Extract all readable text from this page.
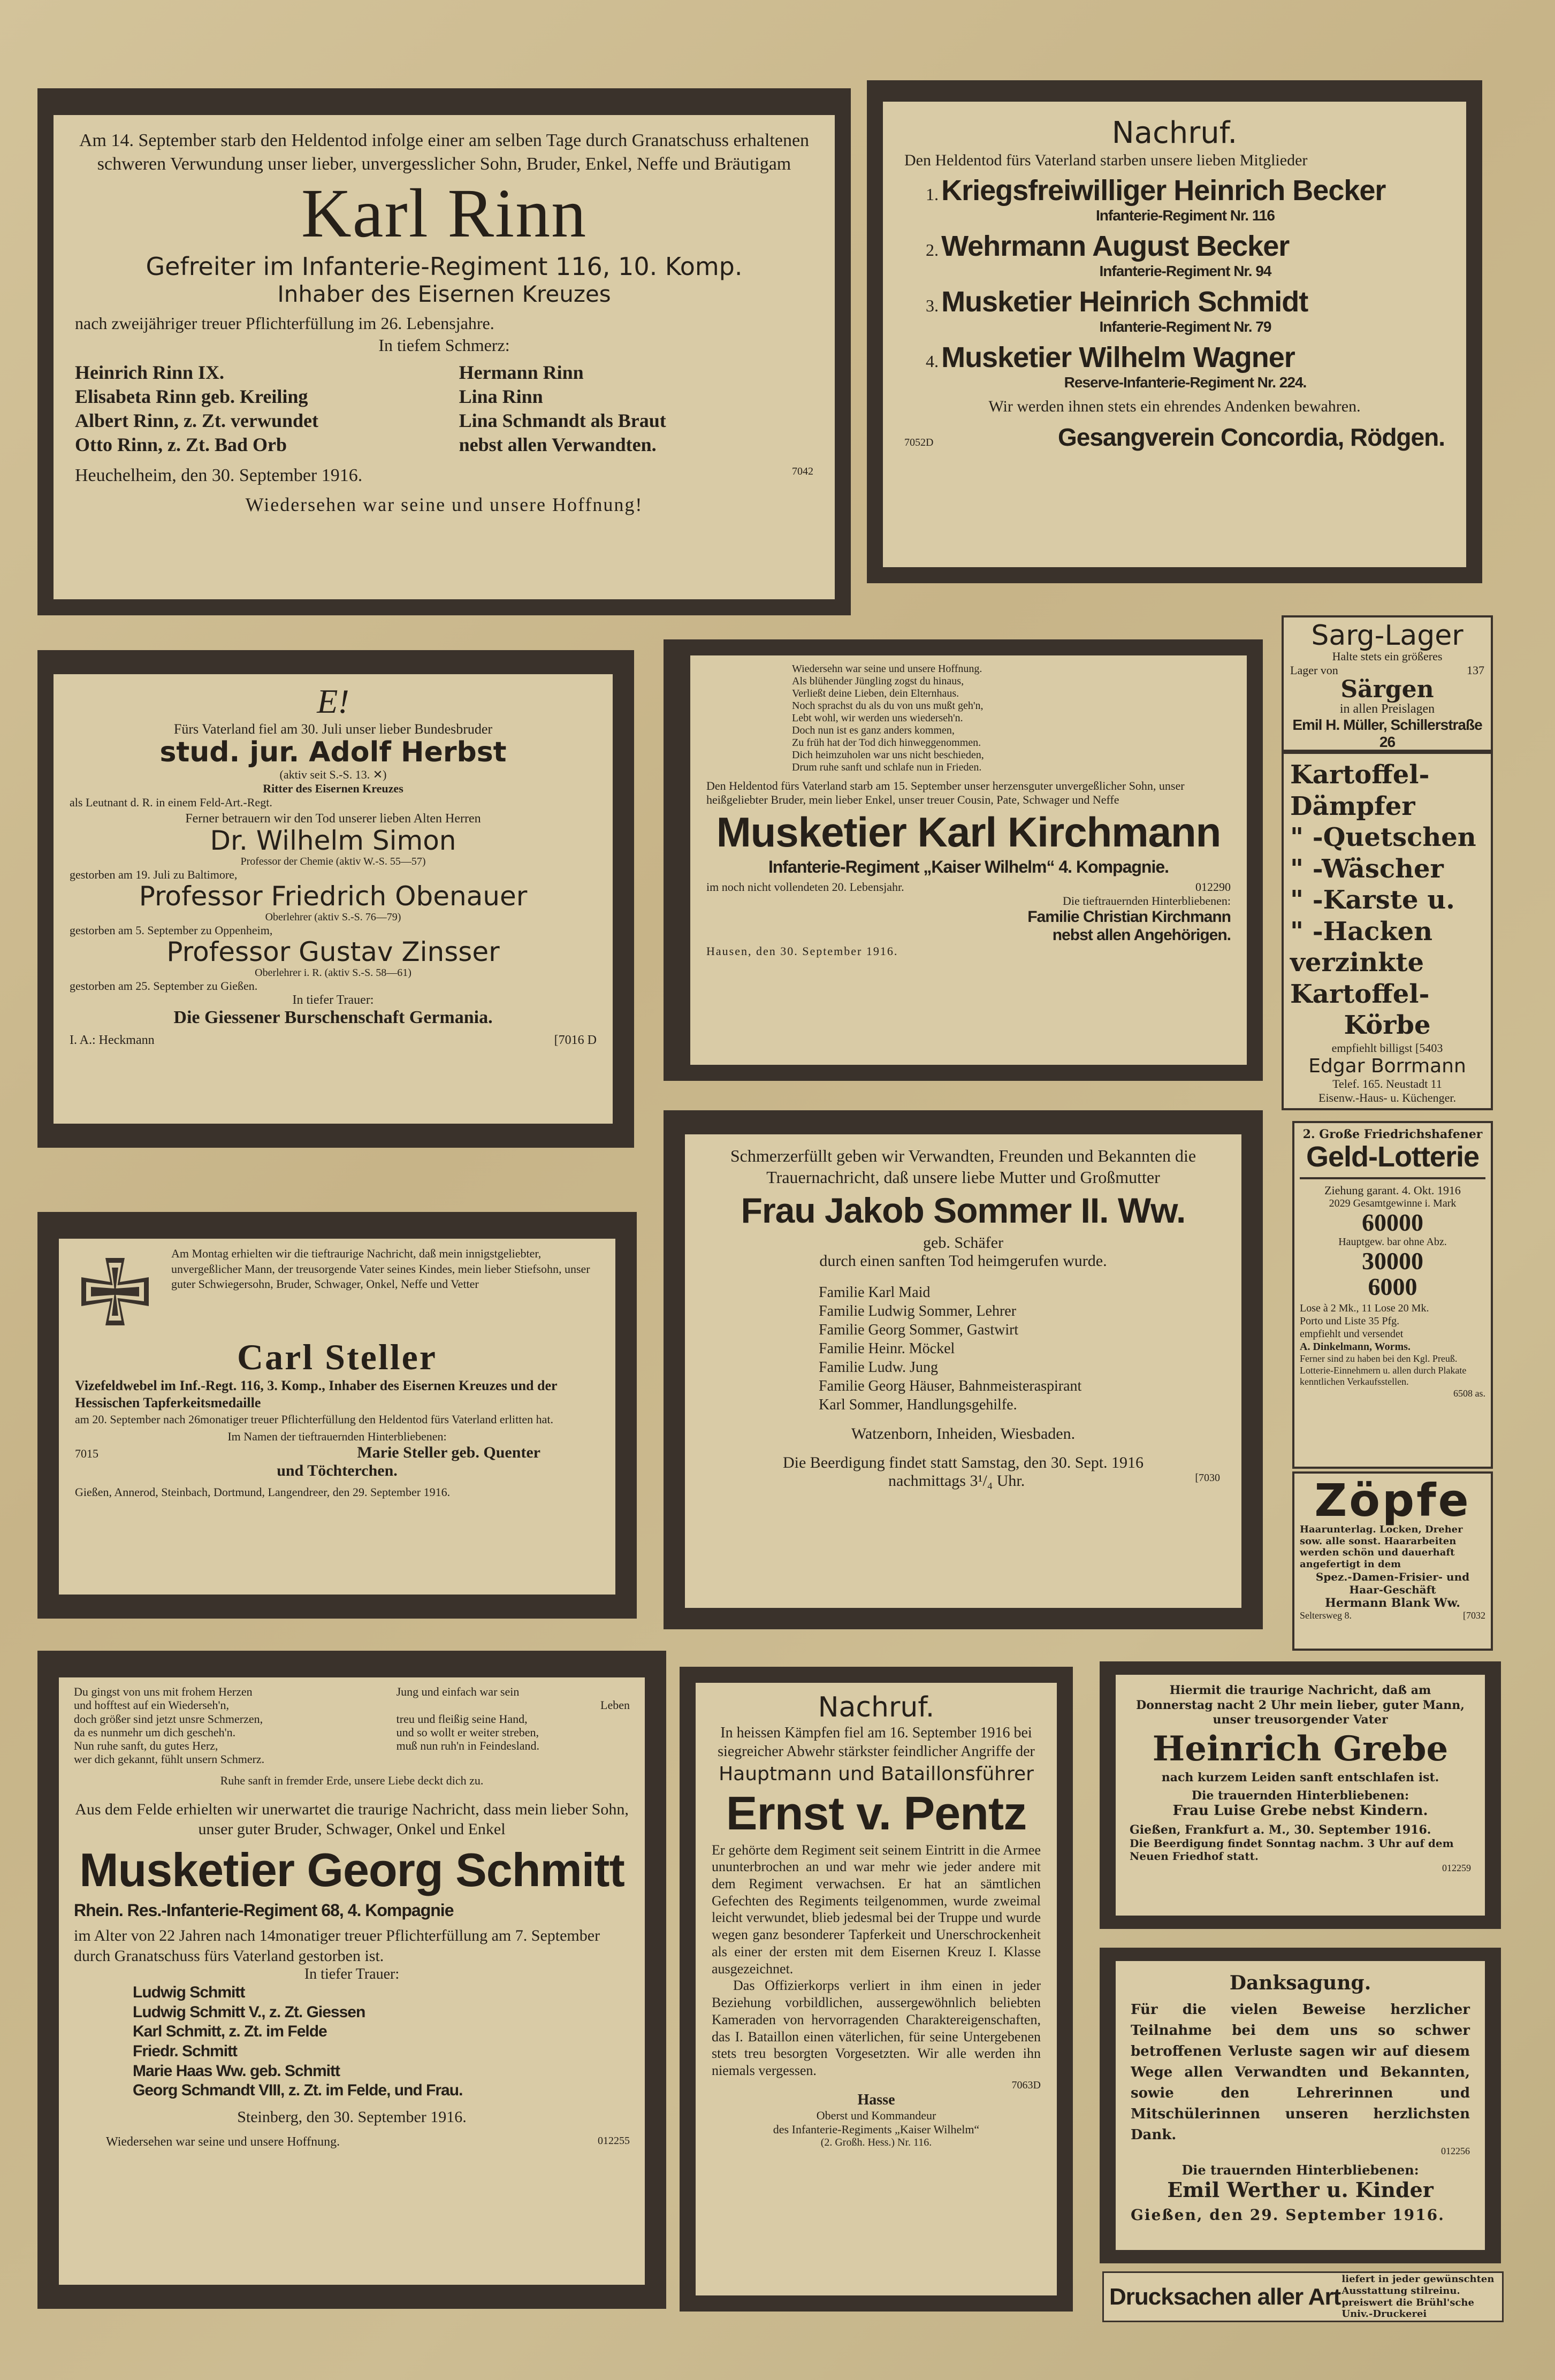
Am 14. September starb den Heldentod infolge einer am selben Tage durch Granatschuss erhaltenen schweren Verwundung unser lieber, unvergesslicher Sohn, Bruder, Enkel, Neffe und Bräutigam
Karl Rinn
Gefreiter im Infanterie-Regiment 116, 10. Komp.
Inhaber des Eisernen Kreuzes
nach zweijähriger treuer Pflichterfüllung im 26. Lebensjahre.
In tiefem Schmerz:
Heinrich Rinn IX.
Elisabeta Rinn geb. Kreiling
Albert Rinn, z. Zt. verwundet
Otto Rinn, z. Zt. Bad Orb
Hermann Rinn
Lina Rinn
Lina Schmandt als Braut
nebst allen Verwandten.
Heuchelheim, den 30. September 1916.	7042
Wiedersehen war seine und unsere Hoffnung!
Nachruf.
Den Heldentod fürs Vaterland starben unsere lieben Mitglieder
1. Kriegsfreiwilliger Heinrich Becker
Infanterie-Regiment Nr. 116
2. Wehrmann August Becker
Infanterie-Regiment Nr. 94
3. Musketier Heinrich Schmidt
Infanterie-Regiment Nr. 79
4. Musketier Wilhelm Wagner
Reserve-Infanterie-Regiment Nr. 224.
Wir werden ihnen stets ein ehrendes Andenken bewahren.
7052D	Gesangverein Concordia, Rödgen.
Sarg-Lager
Halte stets ein größeres
Lager von	137
Särgen
in allen Preislagen
Emil H. Müller, Schillerstraße 26
Kartoffel-Dämpfer
" -Quetschen
" -Wäscher
" -Karste u.
" -Hacken
verzinkte Kartoffel-
Körbe
empfiehlt billigst [5403
Edgar Borrmann
Telef. 165. Neustadt 11
Eisenw.-Haus- u. Küchenger.
E!
Fürs Vaterland fiel am 30. Juli unser lieber Bundesbruder
stud. jur. Adolf Herbst
(aktiv seit S.-S. 13. ✕)
Ritter des Eisernen Kreuzes
als Leutnant d. R. in einem Feld-Art.-Regt.
Ferner betrauern wir den Tod unserer lieben Alten Herren
Dr. Wilhelm Simon
Professor der Chemie (aktiv W.-S. 55—57)
gestorben am 19. Juli zu Baltimore,
Professor Friedrich Obenauer
Oberlehrer (aktiv S.-S. 76—79)
gestorben am 5. September zu Oppenheim,
Professor Gustav Zinsser
Oberlehrer i. R. (aktiv S.-S. 58—61)
gestorben am 25. September zu Gießen.
In tiefer Trauer:
Die Giessener Burschenschaft Germania.
I. A.: Heckmann	[7016 D
Wiedersehn war seine und unsere Hoffnung.
Als blühender Jüngling zogst du hinaus,
Verließt deine Lieben, dein Elternhaus.
Noch sprachst du als du von uns mußt geh'n,
Lebt wohl, wir werden uns wiederseh'n.
Doch nun ist es ganz anders kommen,
Zu früh hat der Tod dich hinweggenommen.
Dich heimzuholen war uns nicht beschieden,
Drum ruhe sanft und schlafe nun in Frieden.
Den Heldentod fürs Vaterland starb am 15. September unser herzensguter unvergeßlicher Sohn, unser heißgeliebter Bruder, mein lieber Enkel, unser treuer Cousin, Pate, Schwager und Neffe
Musketier Karl Kirchmann
Infanterie-Regiment „Kaiser Wilhelm“ 4. Kompagnie.
im noch nicht vollendeten 20. Lebensjahr.	012290
Die tieftrauernden Hinterbliebenen:
Familie Christian Kirchmann
nebst allen Angehörigen.
Hausen, den 30. September 1916.
Am Montag erhielten wir die tieftraurige Nachricht, daß mein innigstgeliebter, unvergeßlicher Mann, der treusorgende Vater seines Kindes, mein lieber Stiefsohn, unser guter Schwiegersohn, Bruder, Schwager, Onkel, Neffe und Vetter
Carl Steller
Vizefeldwebel im Inf.-Regt. 116, 3. Komp., Inhaber des Eisernen Kreuzes und der Hessischen Tapferkeitsmedaille
am 20. September nach 26monatiger treuer Pflichterfüllung den Heldentod fürs Vaterland erlitten hat.
Im Namen der tieftrauernden Hinterbliebenen:
7015	Marie Steller geb. Quenter
und Töchterchen.
Gießen, Annerod, Steinbach, Dortmund, Langendreer, den 29. September 1916.
Schmerzerfüllt geben wir Verwandten, Freunden und Bekannten die Trauernachricht, daß unsere liebe Mutter und Großmutter
Frau Jakob Sommer II. Ww.
geb. Schäfer
durch einen sanften Tod heimgerufen wurde.
Familie Karl Maid
Familie Ludwig Sommer, Lehrer
Familie Georg Sommer, Gastwirt
Familie Heinr. Möckel
Familie Ludw. Jung
Familie Georg Häuser, Bahnmeisteraspirant
Karl Sommer, Handlungsgehilfe.
Watzenborn, Inheiden, Wiesbaden.
Die Beerdigung findet statt Samstag, den 30. Sept. 1916
nachmittags 3¹/₄ Uhr.	[7030
2. Große Friedrichshafener
Geld-Lotterie
Ziehung garant. 4. Okt. 1916
2029 Gesamtgewinne i. Mark
60000
Hauptgew. bar ohne Abz.
30000
6000
Lose à 2 Mk., 11 Lose 20 Mk.
Porto und Liste 35 Pfg.
empfiehlt und versendet
A. Dinkelmann, Worms.
Ferner sind zu haben bei den Kgl. Preuß. Lotterie-Einnehmern u. allen durch Plakate kenntlichen Verkaufsstellen.
6508 as.
Zöpfe
Haarunterlag. Locken, Dreher sow. alle sonst. Haararbeiten werden schön und dauerhaft angefertigt in dem
Spez.-Damen-Frisier- und Haar-Geschäft
Hermann Blank Ww.
Seltersweg 8.	[7032
Du gingst von uns mit frohem Herzen
und hofftest auf ein Wiederseh'n,
doch größer sind jetzt unsre Schmerzen,
da es nunmehr um dich gescheh'n.
Nun ruhe sanft, du gutes Herz,
wer dich gekannt, fühlt unsern Schmerz.
Jung und einfach war sein
Leben
treu und fleißig seine Hand,
und so wollt er weiter streben,
muß nun ruh'n in Feindesland.
Ruhe sanft in fremder Erde, unsere Liebe deckt dich zu.
Aus dem Felde erhielten wir unerwartet die traurige Nachricht, dass mein lieber Sohn, unser guter Bruder, Schwager, Onkel und Enkel
Musketier Georg Schmitt
Rhein. Res.-Infanterie-Regiment 68, 4. Kompagnie
im Alter von 22 Jahren nach 14monatiger treuer Pflichterfüllung am 7. September durch Granatschuss fürs Vaterland gestorben ist.
In tiefer Trauer:
Ludwig Schmitt
Ludwig Schmitt V., z. Zt. Giessen
Karl Schmitt, z. Zt. im Felde
Friedr. Schmitt
Marie Haas Ww. geb. Schmitt
Georg Schmandt VIII, z. Zt. im Felde, und Frau.
Steinberg, den 30. September 1916.
Wiedersehen war seine und unsere Hoffnung.	012255
Nachruf.
In heissen Kämpfen fiel am 16. September 1916 bei siegreicher Abwehr stärkster feindlicher Angriffe der
Hauptmann und Bataillonsführer
Ernst v. Pentz
Er gehörte dem Regiment seit seinem Eintritt in die Armee ununterbrochen an und war mehr wie jeder andere mit dem Regiment verwachsen. Er hat an sämtlichen Gefechten des Regiments teilgenommen, wurde zweimal leicht verwundet, blieb jedesmal bei der Truppe und wurde wegen ganz besonderer Tapferkeit und Unerschrockenheit als einer der ersten mit dem Eisernen Kreuz I. Klasse ausgezeichnet.
Das Offizierkorps verliert in ihm einen in jeder Beziehung vorbildlichen, aussergewöhnlich beliebten Kameraden von hervorragenden Charaktereigenschaften, das I. Bataillon einen väterlichen, für seine Untergebenen stets treu besorgten Vorgesetzten. Wir alle werden ihn niemals vergessen.
7063D
Hasse
Oberst und Kommandeur
des Infanterie-Regiments „Kaiser Wilhelm“
(2. Großh. Hess.) Nr. 116.
Hiermit die traurige Nachricht, daß am Donnerstag nacht 2 Uhr mein lieber, guter Mann, unser treusorgender Vater
Heinrich Grebe
nach kurzem Leiden sanft entschlafen ist.
Die trauernden Hinterbliebenen:
Frau Luise Grebe nebst Kindern.
Gießen, Frankfurt a. M., 30. September 1916.
Die Beerdigung findet Sonntag nachm. 3 Uhr auf dem Neuen Friedhof statt.
012259
Danksagung.
Für die vielen Beweise herzlicher Teilnahme bei dem uns so schwer betroffenen Verluste sagen wir auf diesem Wege allen Verwandten und Bekannten, sowie den Lehrerinnen und Mitschülerinnen unseren herzlichsten Dank.
012256
Die trauernden Hinterbliebenen:
Emil Werther u. Kinder
Gießen, den 29. September 1916.
Drucksachen aller Art
liefert in jeder gewünschten Ausstattung stilreinu. preiswert die Brühl'sche Univ.-Druckerei
